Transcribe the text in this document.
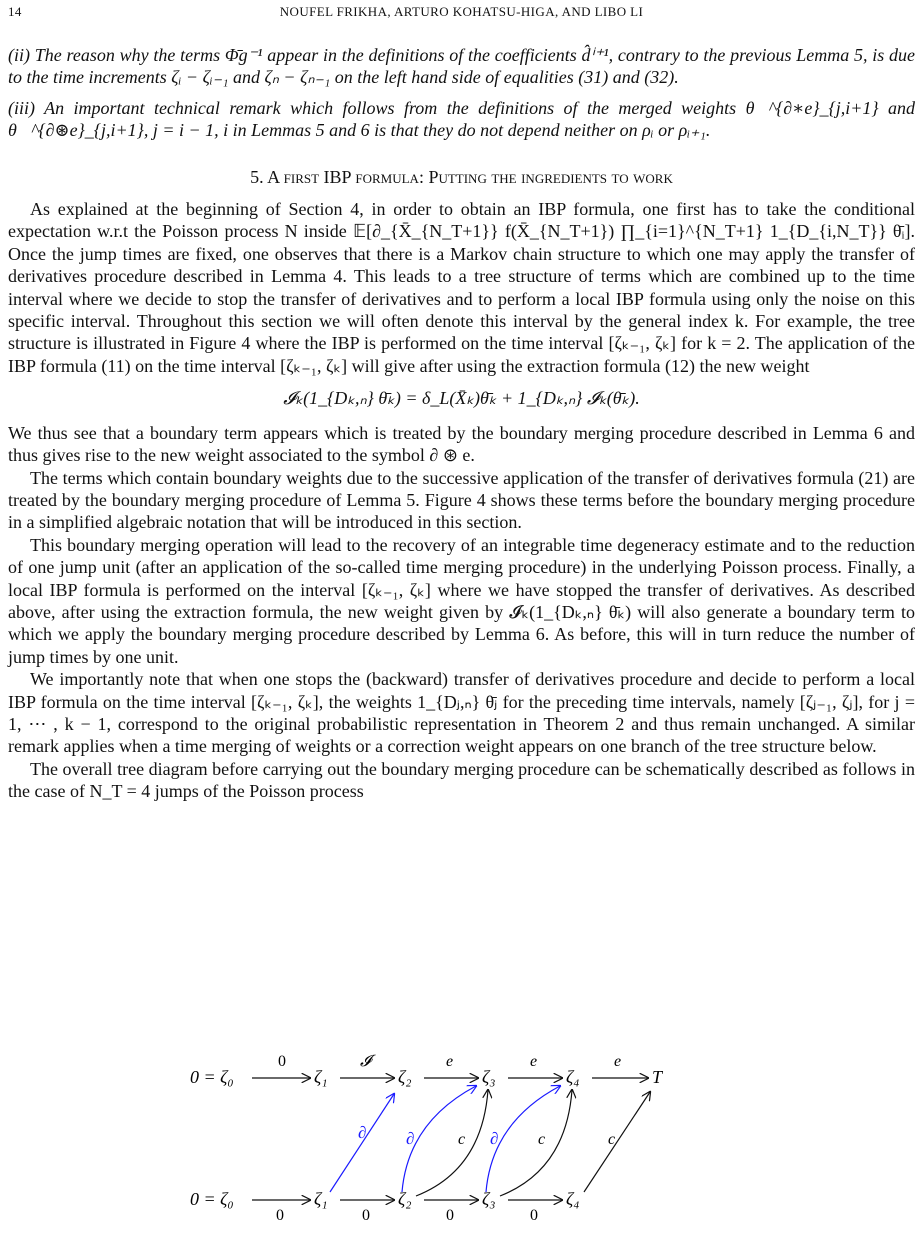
14	NOUFEL FRIKHA, ARTURO KOHATSU-HIGA, AND LIBO LI

(ii) The reason why the terms Φ̄g⁻¹ appear in the definitions of the coefficients d̂ⁱ⁺¹, contrary to the previous Lemma 5, is due to the time increments ζᵢ − ζᵢ₋₁ and ζₙ − ζₙ₋₁ on the left hand side of equalities (31) and (32).

(iii) An important technical remark which follows from the definitions of the merged weights θ⃖^{∂∗e}_{j,i+1} and θ⃖^{∂⊛e}_{j,i+1}, j = i − 1, i in Lemmas 5 and 6 is that they do not depend neither on ρᵢ or ρᵢ₊₁.

5. A first IBP formula: Putting the ingredients to work

As explained at the beginning of Section 4, in order to obtain an IBP formula, one first has to take the conditional expectation w.r.t the Poisson process N inside 𝔼[∂_{X̄_{N_T+1}} f(X̄_{N_T+1}) ∏_{i=1}^{N_T+1} 1_{D_{i,N_T}} θ̄ᵢ]. Once the jump times are fixed, one observes that there is a Markov chain structure to which one may apply the transfer of derivatives procedure described in Lemma 4. This leads to a tree structure of terms which are combined up to the time interval where we decide to stop the transfer of derivatives and to perform a local IBP formula using only the noise on this specific interval. Throughout this section we will often denote this interval by the general index k. For example, the tree structure is illustrated in Figure 4 where the IBP is performed on the time interval [ζₖ₋₁, ζₖ] for k = 2. The application of the IBP formula (11) on the time interval [ζₖ₋₁, ζₖ] will give after using the extraction formula (12) the new weight

𝓘ₖ(1_{Dₖ,ₙ} θ̄ₖ) = δ_L(X̄ₖ)θ̄ₖ + 1_{Dₖ,ₙ} 𝓘ₖ(θ̄ₖ).

We thus see that a boundary term appears which is treated by the boundary merging procedure described in Lemma 6 and thus gives rise to the new weight associated to the symbol ∂ ⊛ e.

The terms which contain boundary weights due to the successive application of the transfer of derivatives formula (21) are treated by the boundary merging procedure of Lemma 5. Figure 4 shows these terms before the boundary merging procedure in a simplified algebraic notation that will be introduced in this section.

This boundary merging operation will lead to the recovery of an integrable time degeneracy estimate and to the reduction of one jump unit (after an application of the so-called time merging procedure) in the underlying Poisson process. Finally, a local IBP formula is performed on the interval [ζₖ₋₁, ζₖ] where we have stopped the transfer of derivatives. As described above, after using the extraction formula, the new weight given by 𝓘ₖ(1_{Dₖ,ₙ} θ̄ₖ) will also generate a boundary term to which we apply the boundary merging procedure described by Lemma 6. As before, this will in turn reduce the number of jump times by one unit.

We importantly note that when one stops the (backward) transfer of derivatives procedure and decide to perform a local IBP formula on the time interval [ζₖ₋₁, ζₖ], the weights 1_{Dⱼ,ₙ} θ̄ⱼ for the preceding time intervals, namely [ζⱼ₋₁, ζⱼ], for j = 1, ⋯ , k − 1, correspond to the original probabilistic representation in Theorem 2 and thus remain unchanged. A similar remark applies when a time merging of weights or a correction weight appears on one branch of the tree structure below.

The overall tree diagram before carrying out the boundary merging procedure can be schematically described as follows in the case of N_T = 4 jumps of the Poisson process

0 = ζ₀
0
ζ₁
𝓘
ζ₂
e
ζ₃
e
ζ₄
e
T
0 = ζ₀
0
ζ₁
0
ζ₂
0
ζ₃
0
ζ₄
∂ ∂	c ∂ c	c
